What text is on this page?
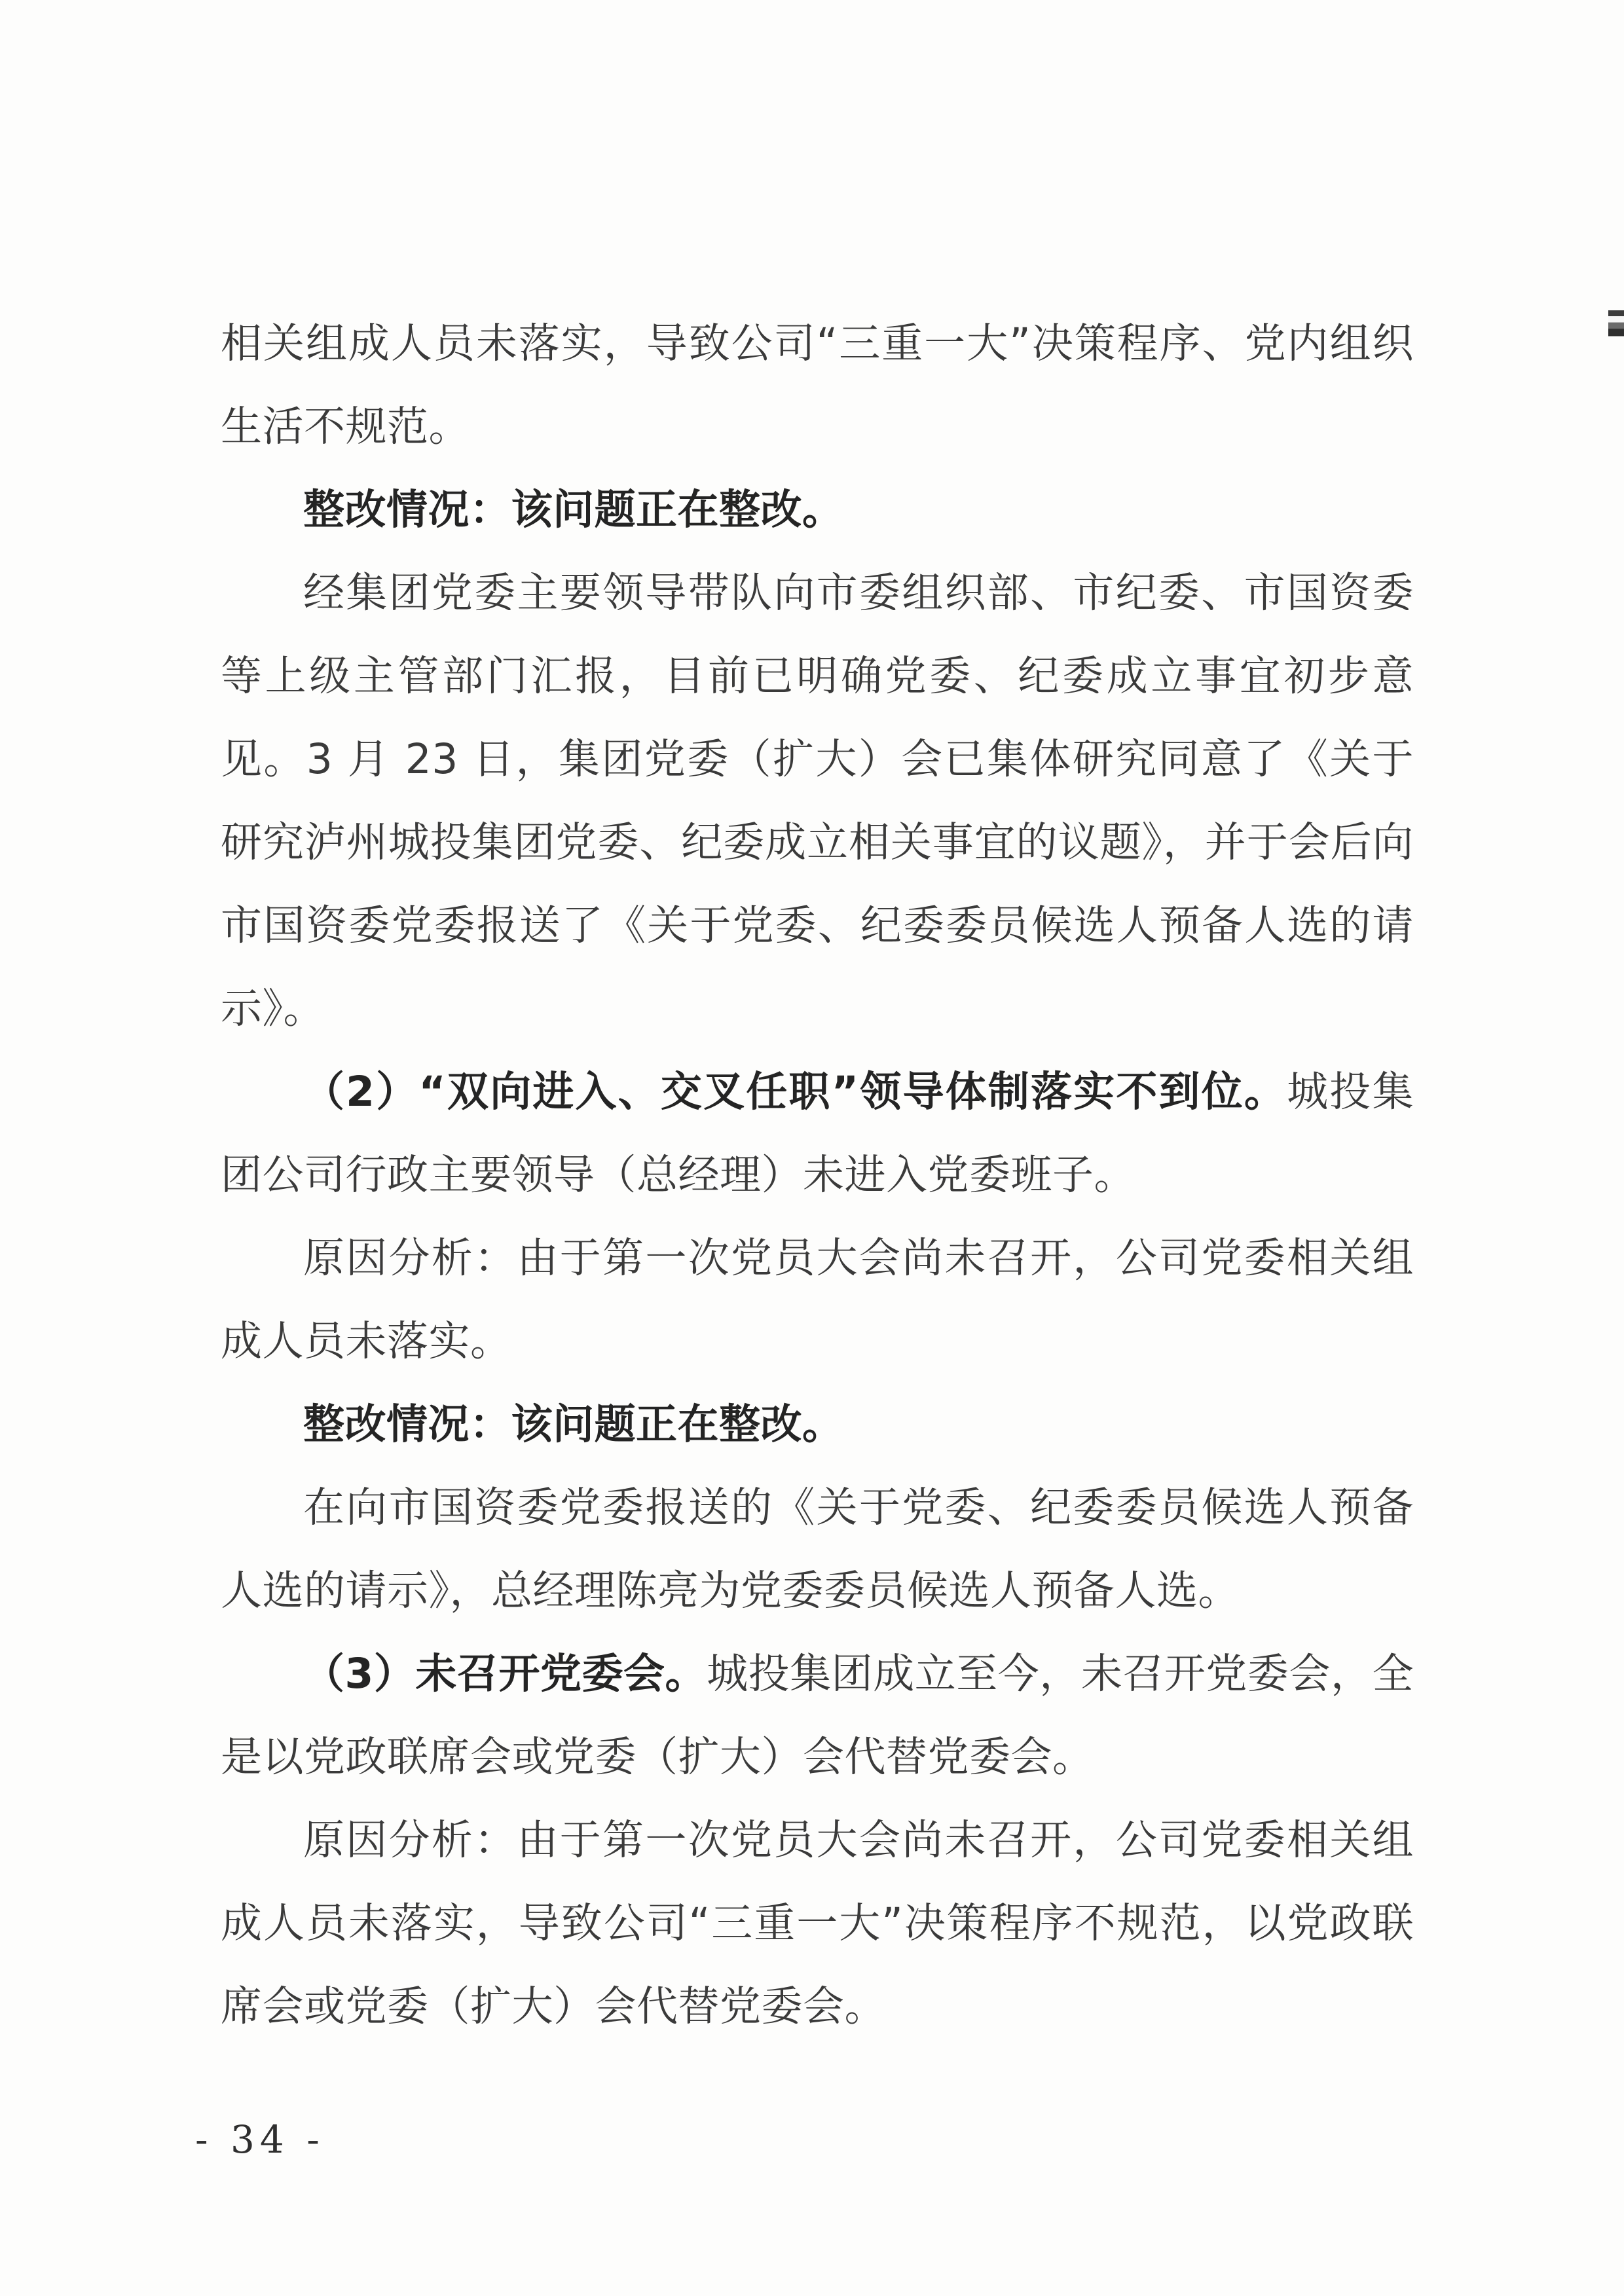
相关组成人员未落实，导致公司“三重一大”决策程序、党内组织生活不规范。

整改情况：该问题正在整改。

经集团党委主要领导带队向市委组织部、市纪委、市国资委等上级主管部门汇报，目前已明确党委、纪委成立事宜初步意见。3 月 23 日，集团党委（扩大）会已集体研究同意了《关于研究泸州城投集团党委、纪委成立相关事宜的议题》，并于会后向市国资委党委报送了《关于党委、纪委委员候选人预备人选的请示》。

（2）“双向进入、交叉任职”领导体制落实不到位。城投集团公司行政主要领导（总经理）未进入党委班子。

原因分析：由于第一次党员大会尚未召开，公司党委相关组成人员未落实。

整改情况：该问题正在整改。

在向市国资委党委报送的《关于党委、纪委委员候选人预备人选的请示》，总经理陈亮为党委委员候选人预备人选。

（3）未召开党委会。城投集团成立至今，未召开党委会，全是以党政联席会或党委（扩大）会代替党委会。

原因分析：由于第一次党员大会尚未召开，公司党委相关组成人员未落实，导致公司“三重一大”决策程序不规范，以党政联席会或党委（扩大）会代替党委会。

- 34 -
